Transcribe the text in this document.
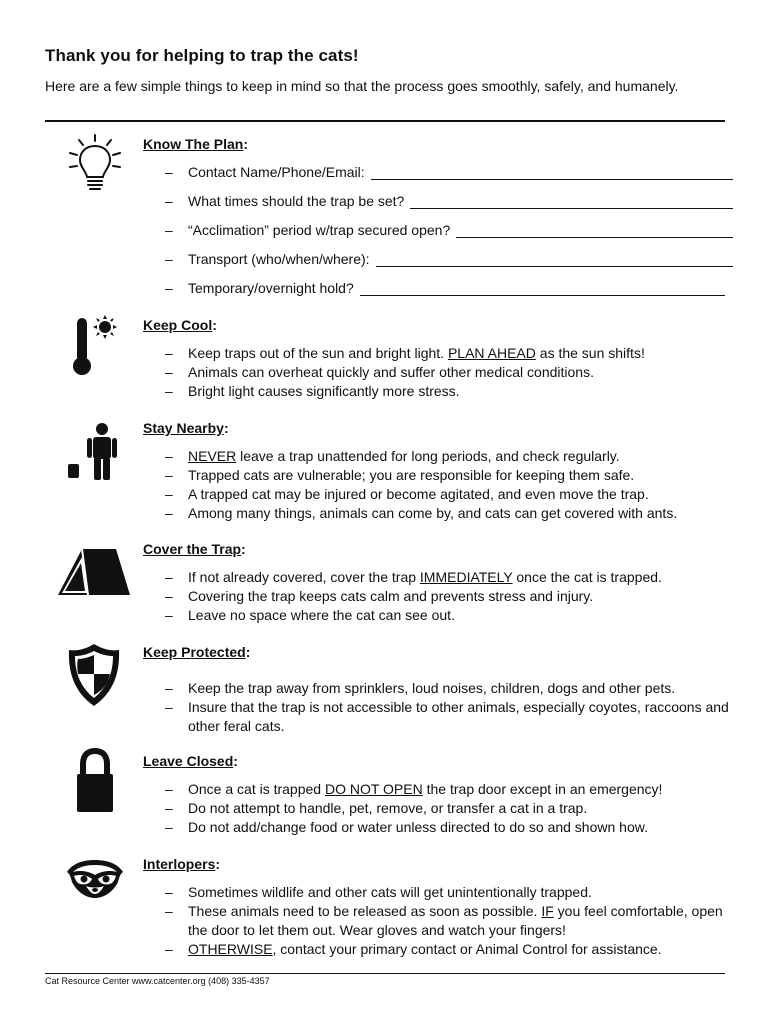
Thank you for helping to trap the cats!
Here are a few simple things to keep in mind so that the process goes smoothly, safely, and humanely.
Know The Plan:
– Contact Name/Phone/Email:
– What times should the trap be set?
– “Acclimation” period w/trap secured open?
– Transport (who/when/where):
– Temporary/overnight hold?
Keep Cool:
– Keep traps out of the sun and bright light. PLAN AHEAD as the sun shifts!
– Animals can overheat quickly and suffer other medical conditions.
– Bright light causes significantly more stress.
Stay Nearby:
– NEVER leave a trap unattended for long periods, and check regularly.
– Trapped cats are vulnerable; you are responsible for keeping them safe.
– A trapped cat may be injured or become agitated, and even move the trap.
– Among many things, animals can come by, and cats can get covered with ants.
Cover the Trap:
– If not already covered, cover the trap IMMEDIATELY once the cat is trapped.
– Covering the trap keeps cats calm and prevents stress and injury.
– Leave no space where the cat can see out.
Keep Protected:
– Keep the trap away from sprinklers, loud noises, children, dogs and other pets.
– Insure that the trap is not accessible to other animals, especially coyotes, raccoons and other feral cats.
Leave Closed:
– Once a cat is trapped DO NOT OPEN the trap door except in an emergency!
– Do not attempt to handle, pet, remove, or transfer a cat in a trap.
– Do not add/change food or water unless directed to do so and shown how.
Interlopers:
– Sometimes wildlife and other cats will get unintentionally trapped.
– These animals need to be released as soon as possible. IF you feel comfortable, open the door to let them out. Wear gloves and watch your fingers!
– OTHERWISE, contact your primary contact or Animal Control for assistance.
Cat Resource Center www.catcenter.org (408) 335-4357
